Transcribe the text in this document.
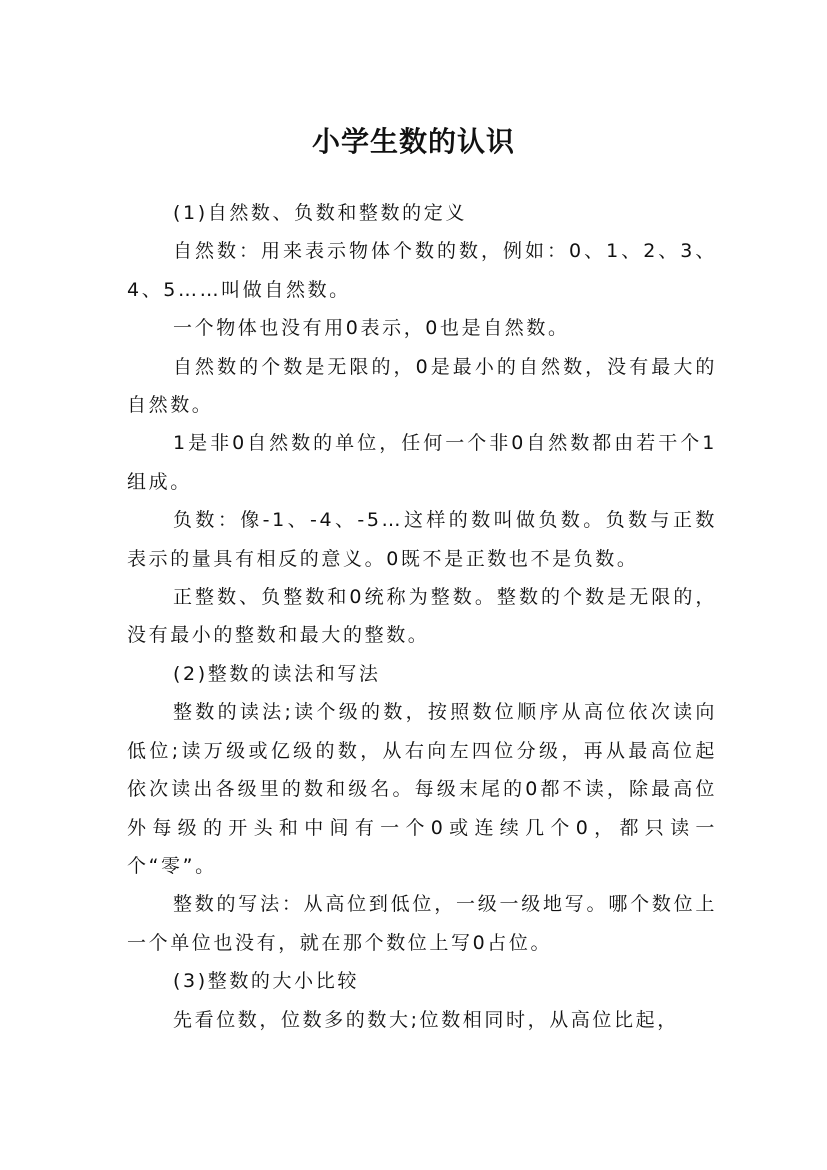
小学生数的认识

(1)自然数、负数和整数的定义

自然数：用来表示物体个数的数，例如：0、1、2、3、4、5……叫做自然数。

一个物体也没有用0表示，0也是自然数。

自然数的个数是无限的，0是最小的自然数，没有最大的自然数。

1是非0自然数的单位，任何一个非0自然数都由若干个1组成。

负数：像-1、-4、-5…这样的数叫做负数。负数与正数表示的量具有相反的意义。0既不是正数也不是负数。

正整数、负整数和0统称为整数。整数的个数是无限的，没有最小的整数和最大的整数。

(2)整数的读法和写法

整数的读法;读个级的数，按照数位顺序从高位依次读向低位;读万级或亿级的数，从右向左四位分级，再从最高位起依次读出各级里的数和级名。每级末尾的0都不读，除最高位外每级的开头和中间有一个0或连续几个0，都只读一个“零”。

整数的写法：从高位到低位，一级一级地写。哪个数位上一个单位也没有，就在那个数位上写0占位。

(3)整数的大小比较

先看位数，位数多的数大;位数相同时，从高位比起，
